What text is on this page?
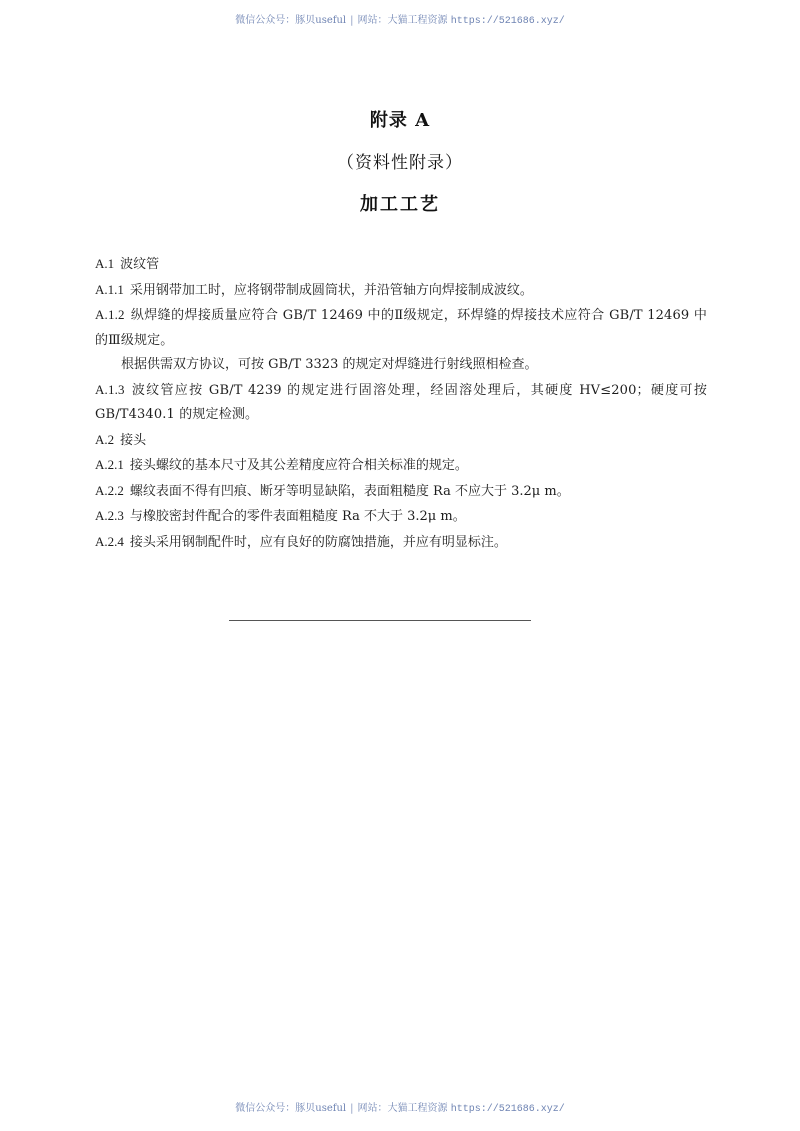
微信公众号：豚贝useful | 网站：大猫工程资源 https://521686.xyz/
附录 A
（资料性附录）
加工工艺

A.1 波纹管

A.1.1 采用钢带加工时，应将钢带制成圆筒状，并沿管轴方向焊接制成波纹。

A.1.2 纵焊缝的焊接质量应符合 GB/T 12469 中的Ⅱ级规定，环焊缝的焊接技术应符合 GB/T 12469 中的Ⅲ级规定。

根据供需双方协议，可按 GB/T 3323 的规定对焊缝进行射线照相检查。

A.1.3 波纹管应按 GB/T 4239 的规定进行固溶处理，经固溶处理后，其硬度 HV≤200；硬度可按 GB/T4340.1 的规定检测。

A.2 接头

A.2.1 接头螺纹的基本尺寸及其公差精度应符合相关标准的规定。

A.2.2 螺纹表面不得有凹痕、断牙等明显缺陷，表面粗糙度 Ra 不应大于 3.2μ m。

A.2.3 与橡胶密封件配合的零件表面粗糙度 Ra 不大于 3.2μ m。

A.2.4 接头采用钢制配件时，应有良好的防腐蚀措施，并应有明显标注。

微信公众号：豚贝useful | 网站：大猫工程资源 https://521686.xyz/
